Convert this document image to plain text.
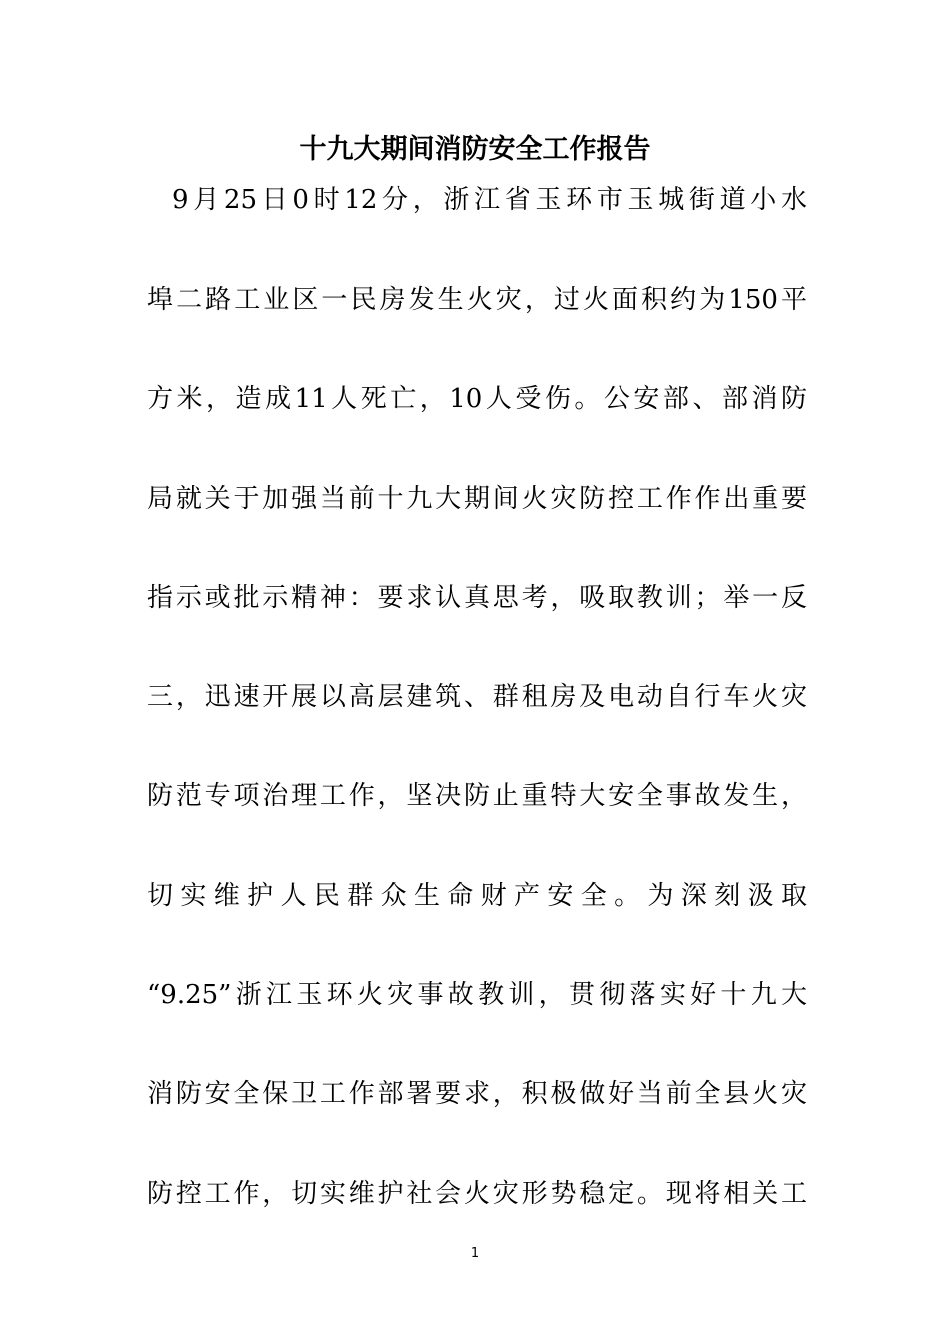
十九大期间消防安全工作报告
9月25日0时12分，浙江省玉环市玉城街道小水
埠二路工业区一民房发生火灾，过火面积约为150平
方米，造成11人死亡，10人受伤。公安部、部消防
局就关于加强当前十九大期间火灾防控工作作出重要
指示或批示精神：要求认真思考，吸取教训；举一反
三，迅速开展以高层建筑、群租房及电动自行车火灾
防范专项治理工作，坚决防止重特大安全事故发生，
切实维护人民群众生命财产安全。为深刻汲取
“9.25”浙江玉环火灾事故教训，贯彻落实好十九大
消防安全保卫工作部署要求，积极做好当前全县火灾
防控工作，切实维护社会火灾形势稳定。现将相关工
1
